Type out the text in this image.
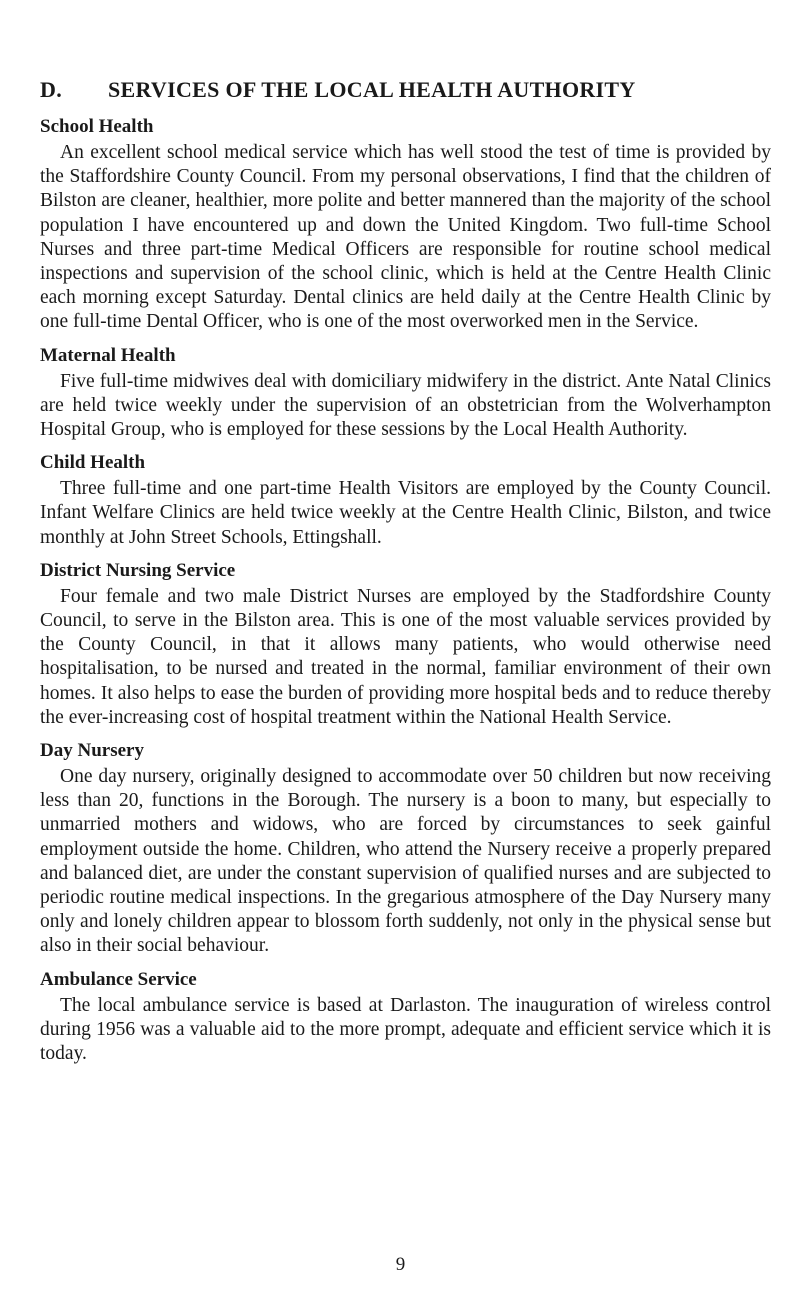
D. SERVICES OF THE LOCAL HEALTH AUTHORITY
School Health

An excellent school medical service which has well stood the test of time is provided by the Staffordshire County Council. From my personal observations, I find that the children of Bilston are cleaner, healthier, more polite and better mannered than the majority of the school population I have encountered up and down the United Kingdom. Two full-time School Nurses and three part-time Medical Officers are responsible for routine school medical inspections and supervision of the school clinic, which is held at the Centre Health Clinic each morning except Saturday. Dental clinics are held daily at the Centre Health Clinic by one full-time Dental Officer, who is one of the most overworked men in the Service.

Maternal Health

Five full-time midwives deal with domiciliary midwifery in the district. Ante Natal Clinics are held twice weekly under the supervision of an obstetrician from the Wolverhampton Hospital Group, who is employed for these sessions by the Local Health Authority.

Child Health

Three full-time and one part-time Health Visitors are employed by the County Council. Infant Welfare Clinics are held twice weekly at the Centre Health Clinic, Bilston, and twice monthly at John Street Schools, Ettingshall.

District Nursing Service

Four female and two male District Nurses are employed by the Stadfordshire County Council, to serve in the Bilston area. This is one of the most valuable services provided by the County Council, in that it allows many patients, who would otherwise need hospitalisation, to be nursed and treated in the normal, familiar environment of their own homes. It also helps to ease the burden of providing more hospital beds and to reduce thereby the ever-increasing cost of hospital treatment within the National Health Service.

Day Nursery

One day nursery, originally designed to accommodate over 50 children but now receiving less than 20, functions in the Borough. The nursery is a boon to many, but especially to unmarried mothers and widows, who are forced by circumstances to seek gainful employment outside the home. Children, who attend the Nursery receive a properly prepared and balanced diet, are under the constant supervision of qualified nurses and are subjected to periodic routine medical inspections. In the gregarious atmosphere of the Day Nursery many only and lonely children appear to blossom forth suddenly, not only in the physical sense but also in their social behaviour.

Ambulance Service

The local ambulance service is based at Darlaston. The inauguration of wireless control during 1956 was a valuable aid to the more prompt, adequate and efficient service which it is today.

9
